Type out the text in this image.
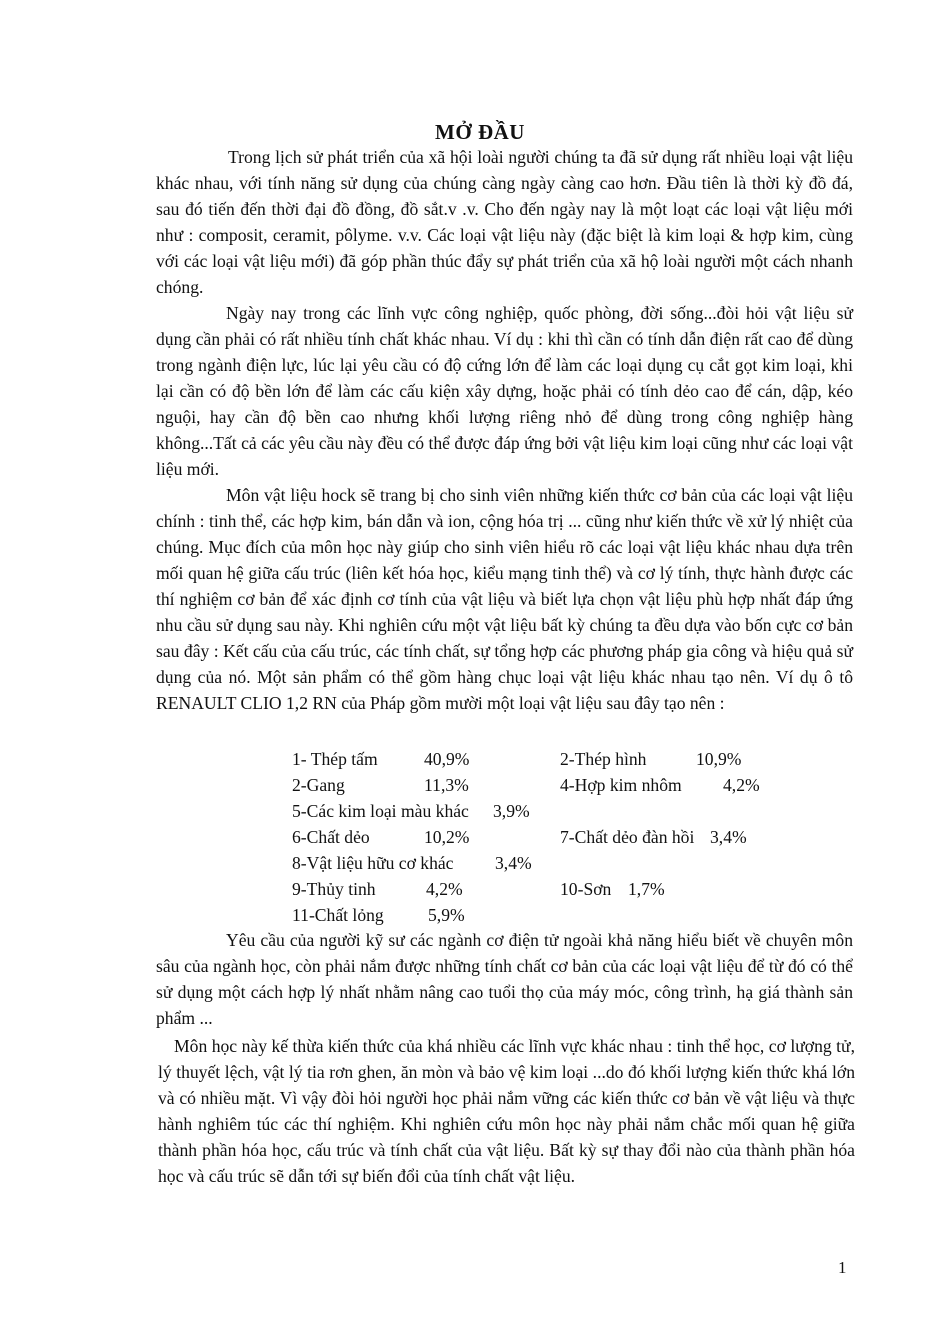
MỞ ĐẦU

Trong lịch sử phát triển của xã hội loài người chúng ta đã sử dụng rất nhiều loại vật liệu khác nhau, với tính năng sử dụng của chúng càng ngày càng cao hơn. Đầu tiên là thời kỳ đồ đá, sau đó tiến đến thời đại đồ đồng, đồ sắt.v .v. Cho đến ngày nay là một loạt các loại vật liệu mới như : composit, ceramit, pôlyme. v.v. Các loại vật liệu này (đặc biệt là kim loại & hợp kim, cùng với các loại vật liệu mới) đã góp phần thúc đẩy sự phát triển của xã hộ loài người một cách nhanh chóng.

Ngày nay trong các lĩnh vực công nghiệp, quốc phòng, đời sống...đòi hỏi vật liệu sử dụng cần phải có rất nhiều tính chất khác nhau. Ví dụ : khi thì cần có tính dẫn điện rất cao để dùng trong ngành điện lực, lúc lại yêu cầu có độ cứng lớn để làm các loại dụng cụ cắt gọt kim loại, khi lại cần có độ bền lớn để làm các cấu kiện xây dựng, hoặc phải có tính dẻo cao để cán, dập, kéo nguội, hay cần độ bền cao nhưng khối lượng riêng nhỏ để dùng trong công nghiệp hàng không...Tất cả các yêu cầu này đều có thể được đáp ứng bởi vật liệu kim loại cũng như các loại vật liệu mới.

Môn vật liệu hock sẽ trang bị cho sinh viên những kiến thức cơ bản của các loại vật liệu chính : tinh thể, các hợp kim, bán dẫn và ion, cộng hóa trị ... cũng như kiến thức về xử lý nhiệt của chúng. Mục đích của môn học này giúp cho sinh viên hiểu rõ các loại vật liệu khác nhau dựa trên mối quan hệ giữa cấu trúc (liên kết hóa học, kiểu mạng tinh thể) và cơ lý tính, thực hành được các thí nghiệm cơ bản để xác định cơ tính của vật liệu và biết lựa chọn vật liệu phù hợp nhất đáp ứng nhu cầu sử dụng sau này. Khi nghiên cứu một vật liệu bất kỳ chúng ta đều dựa vào bốn cực cơ bản sau đây : Kết cấu của cấu trúc, các tính chất, sự tổng hợp các phương pháp gia công và hiệu quả sử dụng của nó. Một sản phẩm có thể gồm hàng chục loại vật liệu khác nhau tạo nên. Ví dụ ô tô RENAULT CLIO 1,2 RN của Pháp gồm mười một loại vật liệu sau đây tạo nên :

1- Thép tấm	40,9%	2-Thép hình	10,9%
2-Gang	11,3%	4-Hợp kim nhôm 4,2%
5-Các kim loại màu khác 3,9%
6-Chất dẻo	10,2%	7-Chất dẻo đàn hồi 3,4%
8-Vật liệu hữu cơ khác 3,4%
9-Thủy tinh	4,2%	10-Sơn 1,7%
11-Chất lỏng	5,9%

Yêu cầu của người kỹ sư các ngành cơ điện tử ngoài khả năng hiểu biết về chuyên môn sâu của ngành học, còn phải nắm được những tính chất cơ bản của các loại vật liệu để từ đó có thể sử dụng một cách hợp lý nhất nhằm nâng cao tuổi thọ của máy móc, công trình, hạ giá thành sản phẩm ...

Môn học này kế thừa kiến thức của khá nhiều các lĩnh vực khác nhau : tinh thể học, cơ lượng tử, lý thuyết lệch, vật lý tia rơn ghen, ăn mòn và bảo vệ kim loại ...do đó khối lượng kiến thức khá lớn và có nhiều mặt. Vì vậy đòi hỏi người học phải nắm vững các kiến thức cơ bản về vật liệu và thực hành nghiêm túc các thí nghiệm. Khi nghiên cứu môn học này phải nắm chắc mối quan hệ giữa thành phần hóa học, cấu trúc và tính chất của vật liệu. Bất kỳ sự thay đổi nào của thành phần hóa học và cấu trúc sẽ dẫn tới sự biến đổi của tính chất vật liệu.

1
